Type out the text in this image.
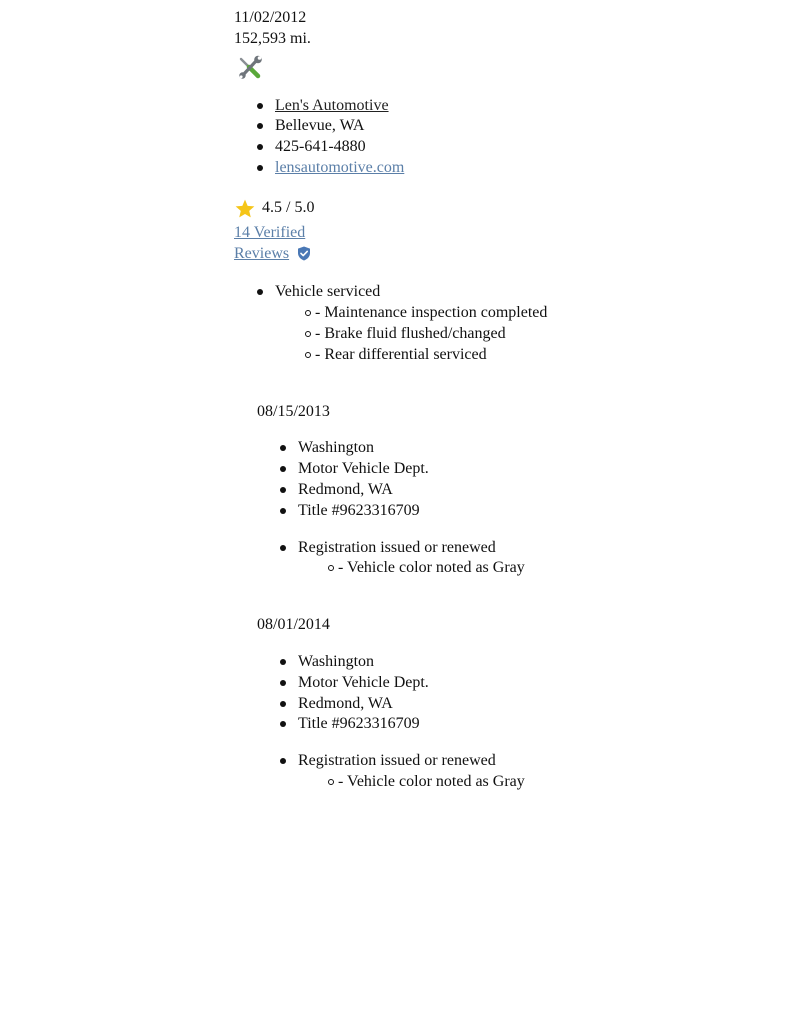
11/02/2012
152,593 mi.
Len's Automotive
Bellevue, WA
425-641-4880
lensautomotive.com
4.5 / 5.0
14 Verified
Reviews
Vehicle serviced
- Maintenance inspection completed
- Brake fluid flushed/changed
- Rear differential serviced
08/15/2013
Washington
Motor Vehicle Dept.
Redmond, WA
Title #9623316709
Registration issued or renewed
- Vehicle color noted as Gray
08/01/2014
Washington
Motor Vehicle Dept.
Redmond, WA
Title #9623316709
Registration issued or renewed
- Vehicle color noted as Gray
